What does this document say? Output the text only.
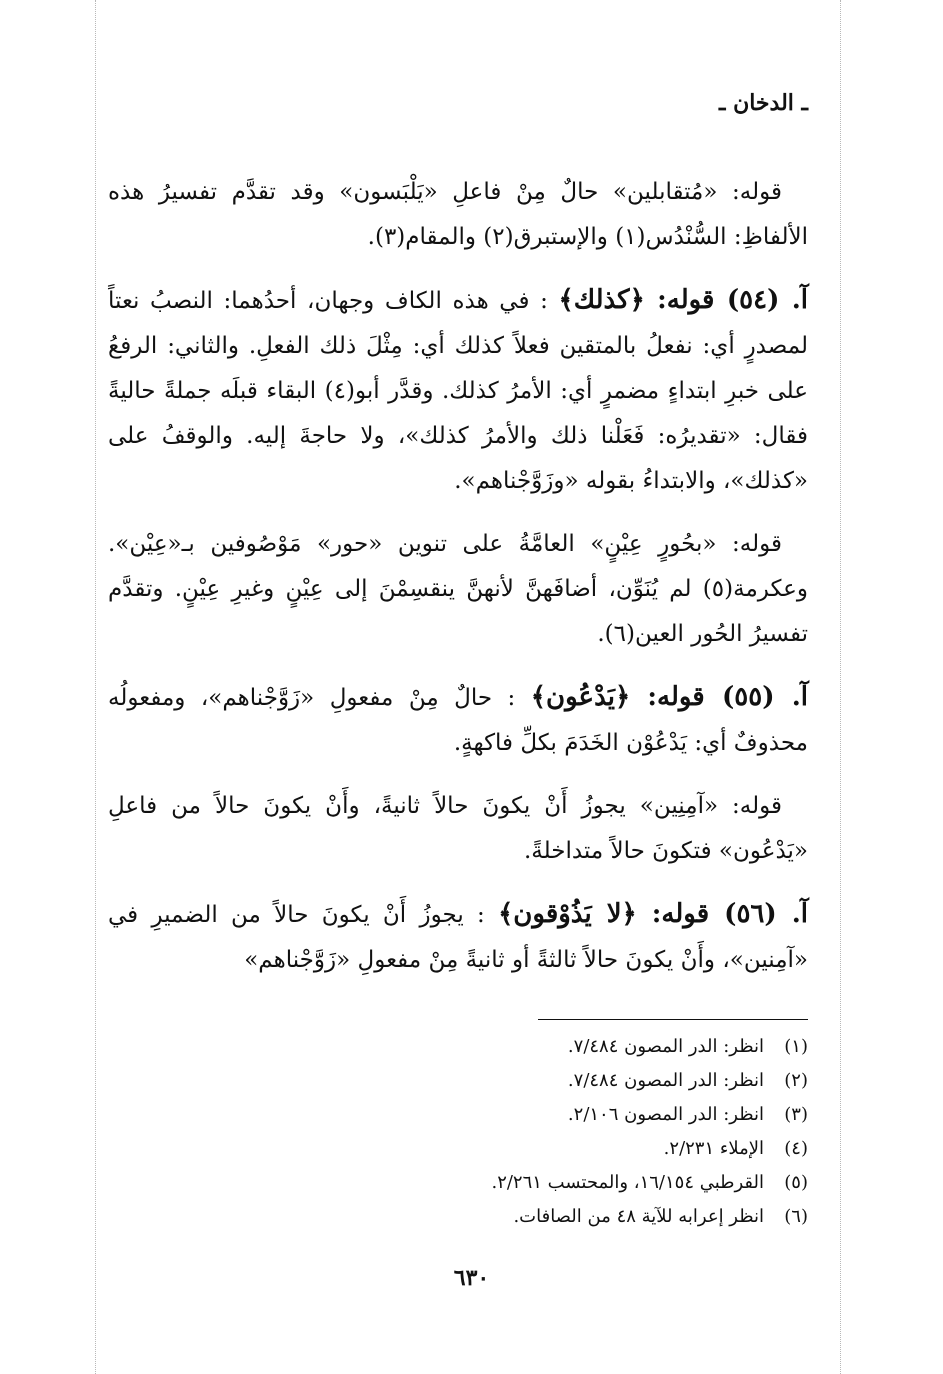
ـ الدخان ـ

قوله: «مُتقابلين» حالٌ مِنْ فاعلِ «يَلْبَسون» وقد تقدَّم تفسيرُ هذه الألفاظِ: السُّنْدُس(١) والإستبرق(٢) والمقام(٣).

آ. (٥٤) قوله: ﴿كذلك﴾ : في هذه الكاف وجهان، أحدُهما: النصبُ نعتاً لمصدرٍ أي: نفعلُ بالمتقين فعلاً كذلك أي: مِثْلَ ذلك الفعلِ. والثاني: الرفعُ على خبرِ ابتداءٍ مضمرٍ أي: الأمرُ كذلك. وقدَّر أبو(٤) البقاء قبلَه جملةً حاليةً فقال: «تقديرُه: فَعَلْنا ذلك والأمرُ كذلك»، ولا حاجةَ إليه. والوقفُ على «كذلك»، والابتداءُ بقوله «وزَوَّجْناهم».

قوله: «بحُورٍ عِيْنٍ» العامَّةُ على تنوين «حور» مَوْصُوفين بـ«عِيْن». وعكرمة(٥) لم يُنَوِّن، أضافَهنَّ لأنهنَّ ينقسِمْنَ إلى عِيْنٍ وغيرِ عِيْنٍ. وتقدَّم تفسيرُ الحُور العين(٦).

آ. (٥٥) قوله: ﴿يَدْعُون﴾ : حالٌ مِنْ مفعولِ «زَوَّجْناهم»، ومفعولُه محذوفٌ أي: يَدْعُوْن الخَدَمَ بكلِّ فاكهةٍ.

قوله: «آمِنِين» يجوزُ أَنْ يكونَ حالاً ثانيةً، وأَنْ يكونَ حالاً من فاعلِ «يَدْعُون» فتكونَ حالاً متداخلةً.

آ. (٥٦) قوله: ﴿لا يَذُوْقون﴾ : يجوزُ أَنْ يكونَ حالاً من الضميرِ في «آمِنين»، وأَنْ يكونَ حالاً ثالثةً أو ثانيةً مِنْ مفعولِ «زَوَّجْناهم»

(١)
انظر: الدر المصون ٧/٤٨٤.
(٢)
انظر: الدر المصون ٧/٤٨٤.
(٣)
انظر: الدر المصون ٢/١٠٦.
(٤)
الإملاء ٢/٢٣١.
(٥)
القرطبي ١٦/١٥٤، والمحتسب ٢/٢٦١.
(٦)
انظر إعرابه للآية ٤٨ من الصافات.
٦٣٠
